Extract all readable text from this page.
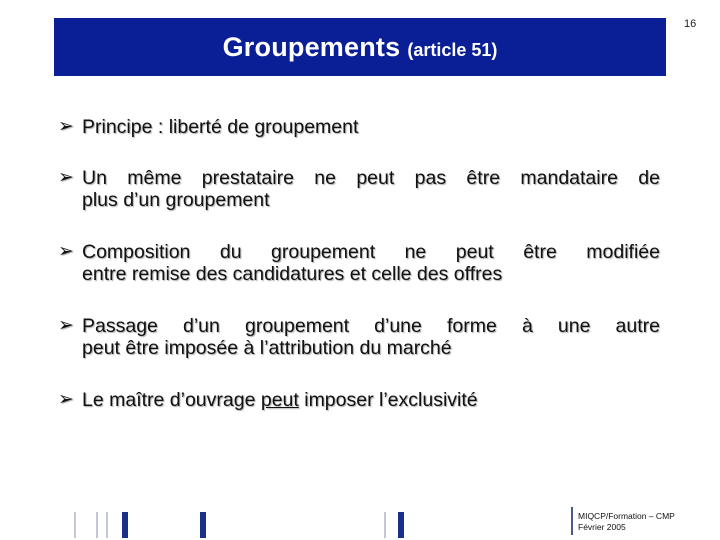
Groupements (article 51)
16
➢ Principe : liberté de groupement
➢ Un même prestataire ne peut pas être mandataire de
plus d’un groupement
➢ Composition du groupement ne peut être modifiée
entre remise des candidatures et celle des offres
➢ Passage d’un groupement d’une forme à une autre
peut être imposée à l’attribution du marché
➢ Le maître d’ouvrage peut imposer l’exclusivité
MIQCP/Formation – CMP
Février 2005
